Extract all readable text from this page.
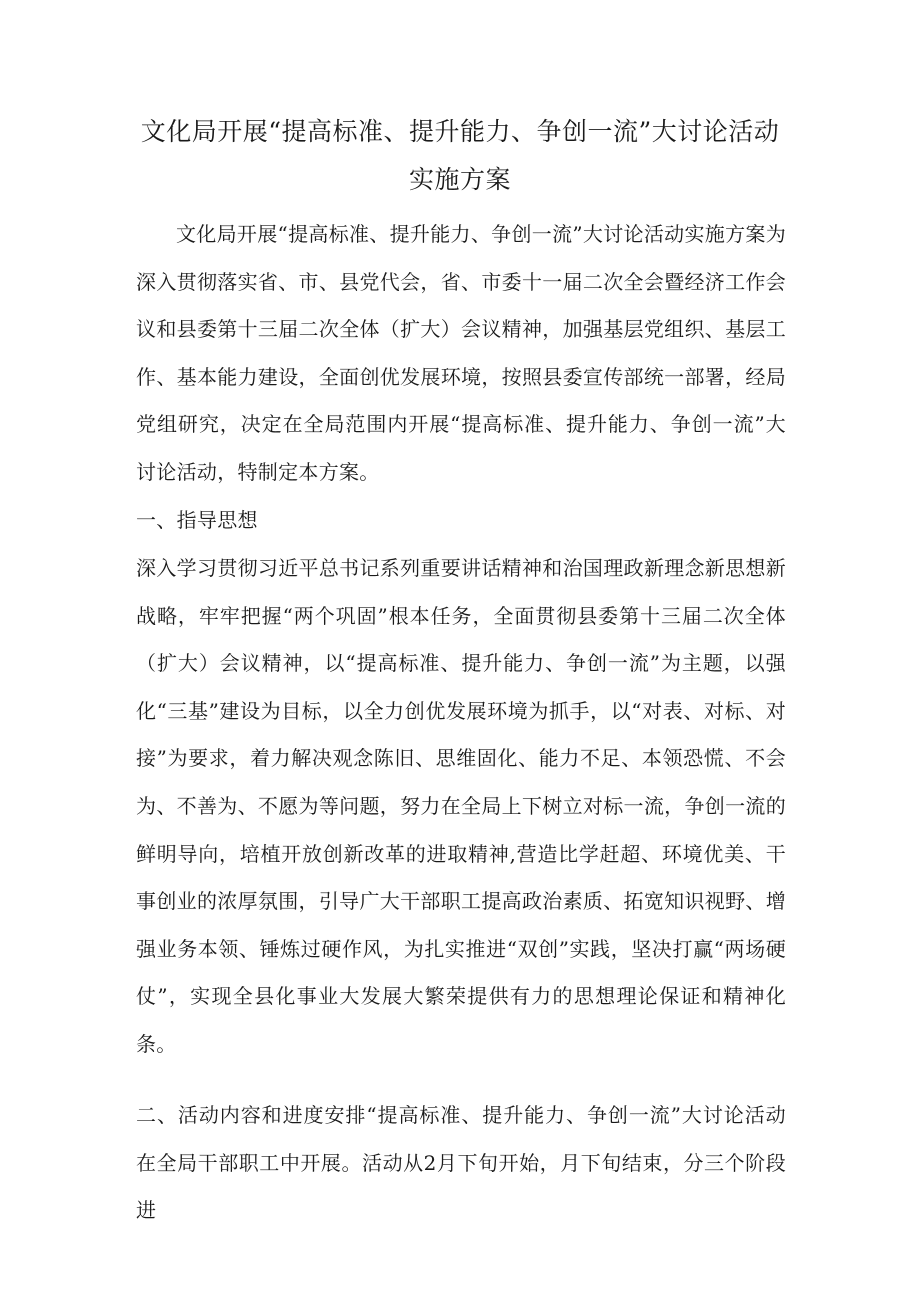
文化局开展“提高标准、提升能力、争创一流”大讨论活动实施方案

文化局开展“提高标准、提升能力、争创一流”大讨论活动实施方案为深入贯彻落实省、市、县党代会，省、市委十一届二次全会暨经济工作会议和县委第十三届二次全体（扩大）会议精神，加强基层党组织、基层工作、基本能力建设，全面创优发展环境，按照县委宣传部统一部署，经局党组研究，决定在全局范围内开展“提高标准、提升能力、争创一流”大讨论活动，特制定本方案。

一、指导思想

深入学习贯彻习近平总书记系列重要讲话精神和治国理政新理念新思想新战略，牢牢把握“两个巩固”根本任务，全面贯彻县委第十三届二次全体（扩大）会议精神，以“提高标准、提升能力、争创一流”为主题，以强化“三基”建设为目标，以全力创优发展环境为抓手，以“对表、对标、对接”为要求，着力解决观念陈旧、思维固化、能力不足、本领恐慌、不会为、不善为、不愿为等问题，努力在全局上下树立对标一流，争创一流的鲜明导向，培植开放创新改革的进取精神,营造比学赶超、环境优美、干事创业的浓厚氛围，引导广大干部职工提高政治素质、拓宽知识视野、增强业务本领、锤炼过硬作风，为扎实推进“双创”实践，坚决打赢“两场硬仗”，实现全县化事业大发展大繁荣提供有力的思想理论保证和精神化条。

二、活动内容和进度安排“提高标准、提升能力、争创一流”大讨论活动在全局干部职工中开展。活动从2月下旬开始，月下旬结束，分三个阶段进
